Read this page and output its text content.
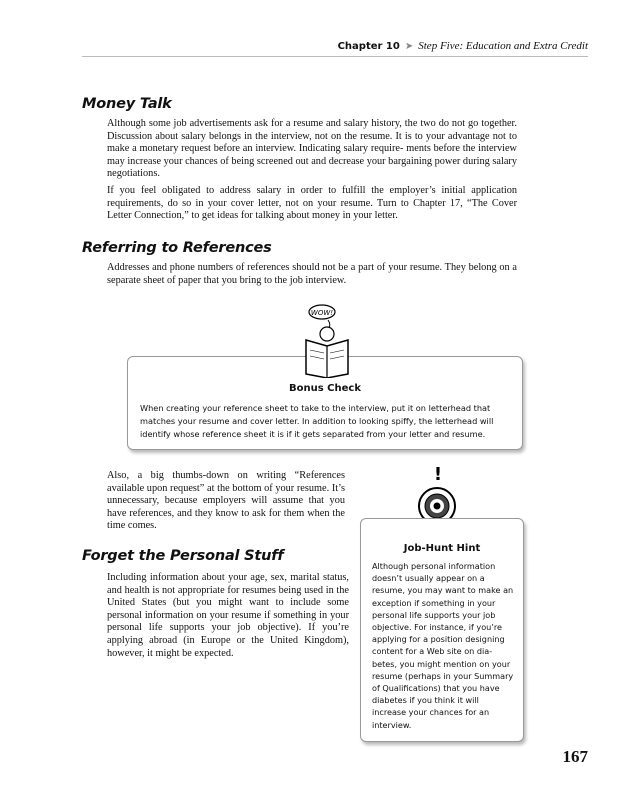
Chapter 10 ➤ Step Five: Education and Extra Credit
Money Talk

Although some job advertisements ask for a resume and salary history, the two do not go together. Discussion about salary belongs in the interview, not on the resume. It is to your advantage not to make a monetary request before an interview. Indicating salary require- ments before the interview may increase your chances of being screened out and decrease your bargaining power during salary negotiations.

If you feel obligated to address salary in order to fulfill the employer’s initial application requirements, do so in your cover letter, not on your resume. Turn to Chapter 17, “The Cover Letter Connection,” to get ideas for talking about money in your letter.

Referring to References

Addresses and phone numbers of references should not be a part of your resume. They belong on a separate sheet of paper that you bring to the job interview.

Bonus Check
When creating your reference sheet to take to the interview, put it on letterhead that matches your resume and cover letter. In addition to looking spiffy, the letterhead will identify whose reference sheet it is if it gets separated from your letter and resume.
WOW!

Also, a big thumbs-down on writing “References available upon request” at the bottom of your resume. It’s unnecessary, because employers will assume that you have references, and they know to ask for them when the time comes.

Forget the Personal Stuff

Including information about your age, sex, marital status, and health is not appropriate for resumes being used in the United States (but you might want to include some personal information on your resume if something in your personal life supports your job objective). If you’re applying abroad (in Europe or the United Kingdom), however, it might be expected.

!
Job-Hunt Hint
Although personal information doesn’t usually appear on a resume, you may want to make an exception if something in your personal life supports your job objective. For instance, if you’re applying for a position designing content for a Web site on dia- betes, you might mention on your resume (perhaps in your Summary of Qualifications) that you have diabetes if you think it will increase your chances for an interview.
167
